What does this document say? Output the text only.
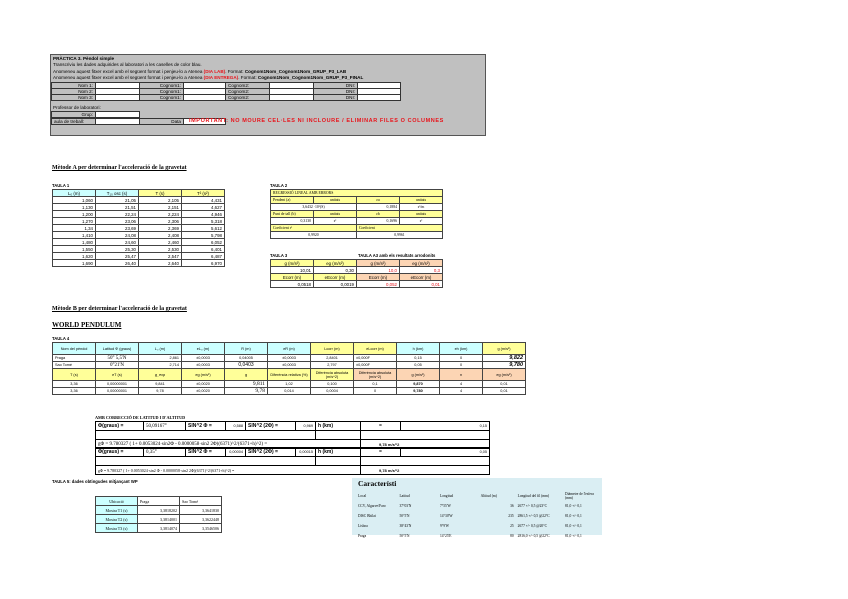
PRÀCTICA 3. Pèndol simple
Transcriviu les dades adquirides al laboratori a les caselles de color blau.
Anomeneu aquest fitxer excel amb el següent format i penjeu-lo a Atenea (DIA LAB). Format: Cognom1Nom_Cognom1Nom_GRUP_P3_LAB
Anomeneu aquest fitxer excel amb el següent format i penjeu-lo a Atenea (DIA ENTREGA). Format: Cognom1Nom_Cognom1Nom_GRUP_P3_FINAL
Nom 1:		Cognom1:		Cognom2:		DNI:	
Nom 2:		Cognom1:		Cognom2:		DNI:	
Nom 3:		Cognom1:		Cognom2:		DNI:	
Professor de laboratori:
Grup:	
aula de treball:		Data	IMPORTANT: NO MOURE CEL·LES NI INCLOURE / ELIMINAR FILES O COLUMNES
Mètode A per determinar l'acceleració de la gravetat
TAULA 1
L₀ (m)	T₁₀ osc (s)	T (s)	T² (s²)
1,060	21,05	2,105	4,431
1,130	21,51	2,151	4,627
1,200	22,24	2,224	4,946
1,270	23,06	2,306	5,318
1,34	23,69	2,369	5,612
1,410	24,08	2,408	5,798
1,480	24,60	2,460	6,052
1,550	25,30	2,530	6,401
1,620	25,47	2,547	6,487
1,690	26,40	2,640	6,970
TAULA 2
REGRESSIÓ LINEAL AMB ERRORS			
Pendent (a)	unitats	εa	unitats
3,6432 ·10²(S)		0,1884	s²/m
Punt de tall (b)	unitats	εb	unitats
0,3130	s²	0,1696	s²
Coeficient r²		Coeficient	
0,9920		0,9961	
TAULA 3	TAULA A3 amb els resultats arrodonits
g (m/s²)	eg (m/s²)	g (m/s²)	eg (m/s²)
10,01	0,30	10,0	0,3
Ecorr (m)	eEcorr (m)	Ecorr (m)	eEcorr (m)
0,0518	0,0019	0,052	0,01
Mètode B per determinar l'acceleració de la gravetat
WORLD PENDULUM
TAULA 4
Nom del pèndol	Latitud Φ (graus)	L₀ (m)	eL₀ (m)	R (m)	eR (m)	Lcorr (m)	eLcorr (m)	h (km)	eh (km)	g (m/s²)
Praga	50° 5,5'N	2,861	±0,0003	0,04005	±0,0003	2,8401	±0,000F	0,15	0	9,822
Sao Tomé	0°21'N	2,714	±0,0003	0,0403	±0,0003	2,797	±0,000F	0,05	0	9,780
T (s)	eT (s)	g_exp	eg (m/s²)	g	Diferència relativa (%)	Diferència absoluta (m/s^2)	Diferència absoluta (m/s^2)	g (m/s²)	n	eg (m/s²)
3,36	0,00000001	9,841	±0,0020	9,811	1,02	0,100	0,1	9,870	4	0,01
3,36	0,00000001	9,78	±0,0020	9,78	0,014	0,0004	0	9,780	4	0,01
AMB CORRECCIÓ DE LATITUD I D'ALTITUD
Φ(graus) =	50,09167°	SIN^2 Φ =	0,588	SIN^2 (2Φ) =	0,969	h (km)	=	0,15

gΦ = 9.780327 ( 1+ 0.0053024·sin2Φ - 0.0000058·sin2 2Φ)(6371)^2/(6371+h)^2) =							9,78 m/s^2	
Φ(graus) =	0,35°	SIN^2 Φ =	0,00004	SIN^2 (2Φ) =	0,00015	h (km)	=	0,05

gΦ = 9.780327 ( 1+ 0.0053024·sin2 Φ - 0.0000058·sin2 2Φ)(6371)^2/(6371+h)^2) =							9,78 m/s^2	
TAULA 5: dades obtingudes mitjançant WP
Ubicació	Praga	Sao Tomé
Mostra T1 (s)	3,3818202	3,3641830
Mostra T2 (s)	3,3814001	3,3622448
Mostra T3 (s)	3,3814074	3,3546506
Característi
Local	Latitud	Longitud	Altitud (m)	Longitud del fil (mm)	Diàmetre de l'esfera (mm)
CCV, Algarve/Faro	37°03'N	7°55'W	36	2677 +/- 0,5 @23°C	81,0 +/- 0,1
DISC Bhilai	50°5'N	14°30'W	235	2861,5 +/- 0,5 @22°C	81,0 +/- 0,1
Lisboa	38°43'N	9°9'W	25	2677 +/- 0,5 @20°C	81,0 +/- 0,1
Praga	50°5'N	14°25'E	80	2816,0 +/- 0,5 @22°C	81,0 +/- 0,1
